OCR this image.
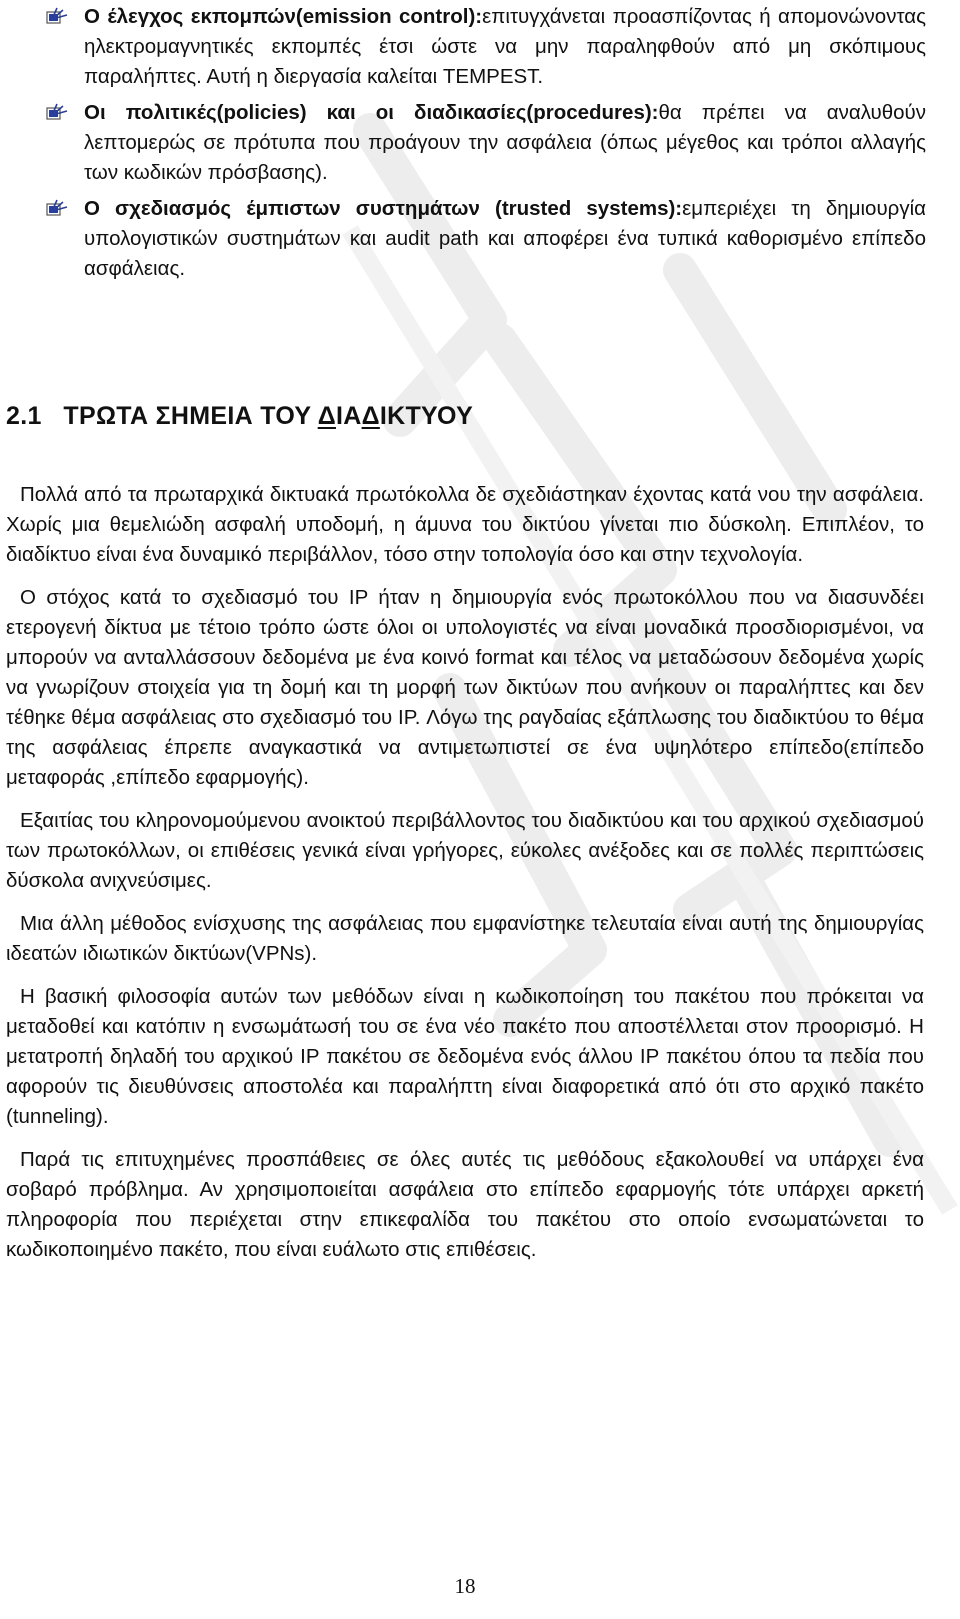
Ο έλεγχος εκπομπών(emission control):επιτυγχάνεται προασπίζοντας ή απομονώνοντας ηλεκτρομαγνητικές εκπομπές έτσι ώστε να μην παραληφθούν από μη σκόπιμους παραλήπτες. Αυτή η διεργασία καλείται TEMPEST.
Οι πολιτικές(policies) και οι διαδικασίες(procedures):θα πρέπει να αναλυθούν λεπτομερώς σε πρότυπα που προάγουν την ασφάλεια (όπως μέγεθος και τρόποι αλλαγής των κωδικών πρόσβασης).
Ο σχεδιασμός έμπιστων συστημάτων (trusted systems):εμπεριέχει τη δημιουργία υπολογιστικών συστημάτων και audit path και αποφέρει ένα τυπικά καθορισμένο επίπεδο ασφάλειας.
2.1 ΤΡΩΤΑ ΣΗΜΕΙΑ ΤΟΥ ΔΙΑΔΙΚΤΥΟΥ

Πολλά από τα πρωταρχικά δικτυακά πρωτόκολλα δε σχεδιάστηκαν έχοντας κατά νου την ασφάλεια. Χωρίς μια θεμελιώδη ασφαλή υποδομή, η άμυνα του δικτύου γίνεται πιο δύσκολη. Επιπλέον, το διαδίκτυο είναι ένα δυναμικό περιβάλλον, τόσο στην τοπολογία όσο και στην τεχνολογία.

Ο στόχος κατά το σχεδιασμό του IP ήταν η δημιουργία ενός πρωτοκόλλου που να διασυνδέει ετερογενή δίκτυα με τέτοιο τρόπο ώστε όλοι οι υπολογιστές να είναι μοναδικά προσδιορισμένοι, να μπορούν να ανταλλάσσουν δεδομένα με ένα κοινό format και τέλος να μεταδώσουν δεδομένα χωρίς να γνωρίζουν στοιχεία για τη δομή και τη μορφή των δικτύων που ανήκουν οι παραλήπτες και δεν τέθηκε θέμα ασφάλειας στο σχεδιασμό του IP. Λόγω της ραγδαίας εξάπλωσης του διαδικτύου το θέμα της ασφάλειας έπρεπε αναγκαστικά να αντιμετωπιστεί σε ένα υψηλότερο επίπεδο(επίπεδο μεταφοράς ,επίπεδο εφαρμογής).

Εξαιτίας του κληρονομούμενου ανοικτού περιβάλλοντος του διαδικτύου και του αρχικού σχεδιασμού των πρωτοκόλλων, οι επιθέσεις γενικά είναι γρήγορες, εύκολες ανέξοδες και σε πολλές περιπτώσεις δύσκολα ανιχνεύσιμες.

Μια άλλη μέθοδος ενίσχυσης της ασφάλειας που εμφανίστηκε τελευταία είναι αυτή της δημιουργίας ιδεατών ιδιωτικών δικτύων(VPNs).

Η βασική φιλοσοφία αυτών των μεθόδων είναι η κωδικοποίηση του πακέτου που πρόκειται να μεταδοθεί και κατόπιν η ενσωμάτωσή του σε ένα νέο πακέτο που αποστέλλεται στον προορισμό. Η μετατροπή δηλαδή του αρχικού IP πακέτου σε δεδομένα ενός άλλου IP πακέτου όπου τα πεδία που αφορούν τις διευθύνσεις αποστολέα και παραλήπτη είναι διαφορετικά από ότι στο αρχικό πακέτο (tunneling).

Παρά τις επιτυχημένες προσπάθειες σε όλες αυτές τις μεθόδους εξακολουθεί να υπάρχει ένα σοβαρό πρόβλημα. Αν χρησιμοποιείται ασφάλεια στο επίπεδο εφαρμογής τότε υπάρχει αρκετή πληροφορία που περιέχεται στην επικεφαλίδα του πακέτου στο οποίο ενσωματώνεται το κωδικοποιημένο πακέτο, που είναι ευάλωτο στις επιθέσεις.

18
